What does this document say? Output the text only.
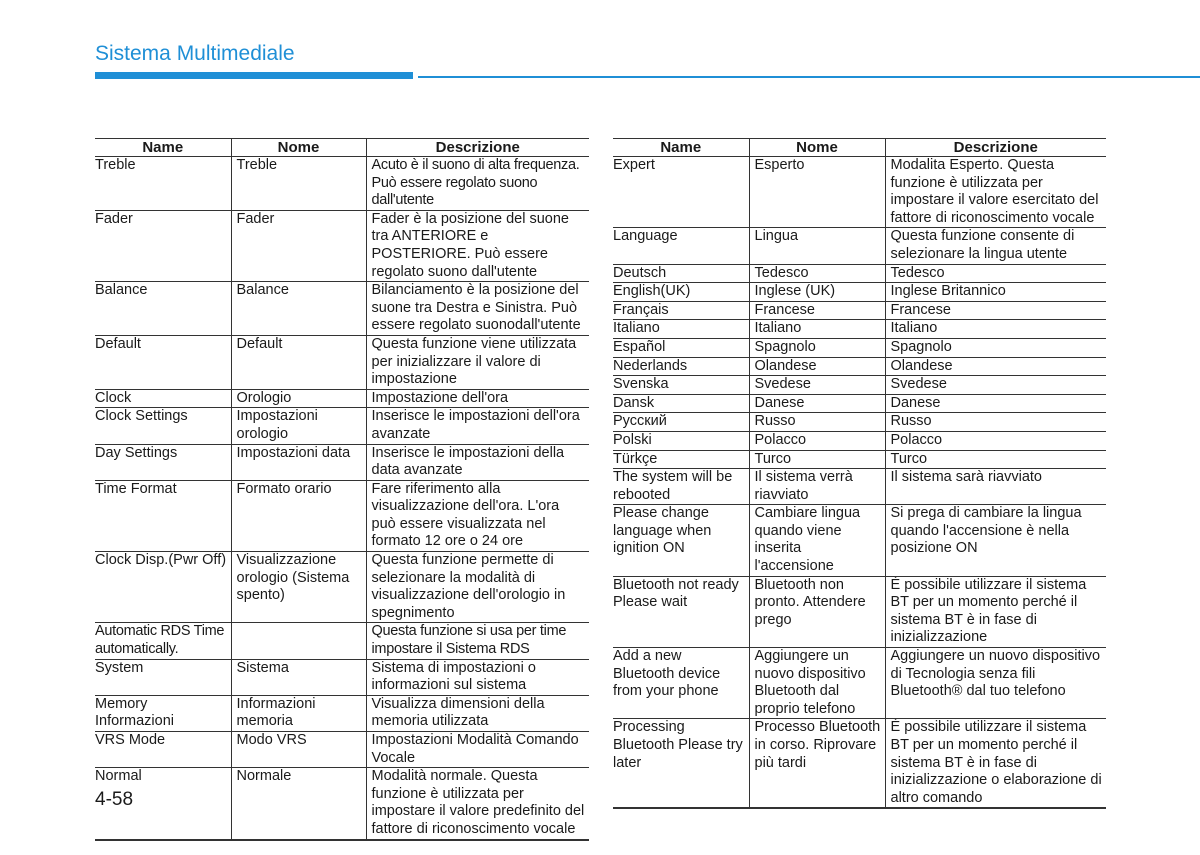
Sistema Multimediale
Name	Nome	Descrizione
Treble	Treble	Acuto è il suono di alta frequenza. Può essere regolato suono dall'utente
Fader	Fader	Fader è la posizione del suone tra ANTERIORE e POSTERIORE. Può essere regolato suono dall'utente
Balance	Balance	Bilanciamento è la posizione del suone tra Destra e Sinistra. Può essere regolato suonodall'utente
Default	Default	Questa funzione viene utilizzata per inizializzare il valore di impostazione
Clock	Orologio	Impostazione dell'ora
Clock Settings	Impostazioni orologio	Inserisce le impostazioni dell'ora avanzate
Day Settings	Impostazioni data	Inserisce le impostazioni della data avanzate
Time Format	Formato orario	Fare riferimento alla visualizzazione dell'ora. L'ora può essere visualizzata nel formato 12 ore o 24 ore
Clock Disp.(Pwr Off)	Visualizzazione orologio (Sistema spento)	Questa funzione permette di selezionare la modalità di visualizzazione dell'orologio in spegnimento
Automatic RDS Time automatically.		Questa funzione si usa per time impostare il Sistema RDS
System	Sistema	Sistema di impostazioni o informazioni sul sistema
Memory Informazioni	Informazioni memoria	Visualizza dimensioni della memoria utilizzata
VRS Mode	Modo VRS	Impostazioni Modalità Comando Vocale
Normal	Normale	Modalità normale. Questa funzione è utilizzata per impostare il valore predefinito del fattore di riconoscimento vocale
Name	Nome	Descrizione
Expert	Esperto	Modalita Esperto. Questa funzione è utilizzata per impostare il valore esercitato del fattore di riconoscimento vocale
Language	Lingua	Questa funzione consente di selezionare la lingua utente
Deutsch	Tedesco	Tedesco
English(UK)	Inglese (UK)	Inglese Britannico
Français	Francese	Francese
Italiano	Italiano	Italiano
Español	Spagnolo	Spagnolo
Nederlands	Olandese	Olandese
Svenska	Svedese	Svedese
Dansk	Danese	Danese
Русский	Russo	Russo
Polski	Polacco	Polacco
Türkçe	Turco	Turco
The system will be rebooted	Il sistema verrà riavviato	Il sistema sarà riavviato
Please change language when ignition ON	Cambiare lingua quando viene inserita l'accensione	Si prega di cambiare la lingua quando l'accensione è nella posizione ON
Bluetooth not ready Please wait	Bluetooth non pronto. Attendere prego	È possibile utilizzare il sistema BT per un momento perché il sistema BT è in fase di inizializzazione
Add a new Bluetooth device from your phone	Aggiungere un nuovo dispositivo Bluetooth dal proprio telefono	Aggiungere un nuovo dispositivo di Tecnologia senza fili Bluetooth® dal tuo telefono
Processing Bluetooth Please try later	Processo Bluetooth in corso. Riprovare più tardi	È possibile utilizzare il sistema BT per un momento perché il sistema BT è in fase di inizializzazione o elaborazione di altro comando
4-58
